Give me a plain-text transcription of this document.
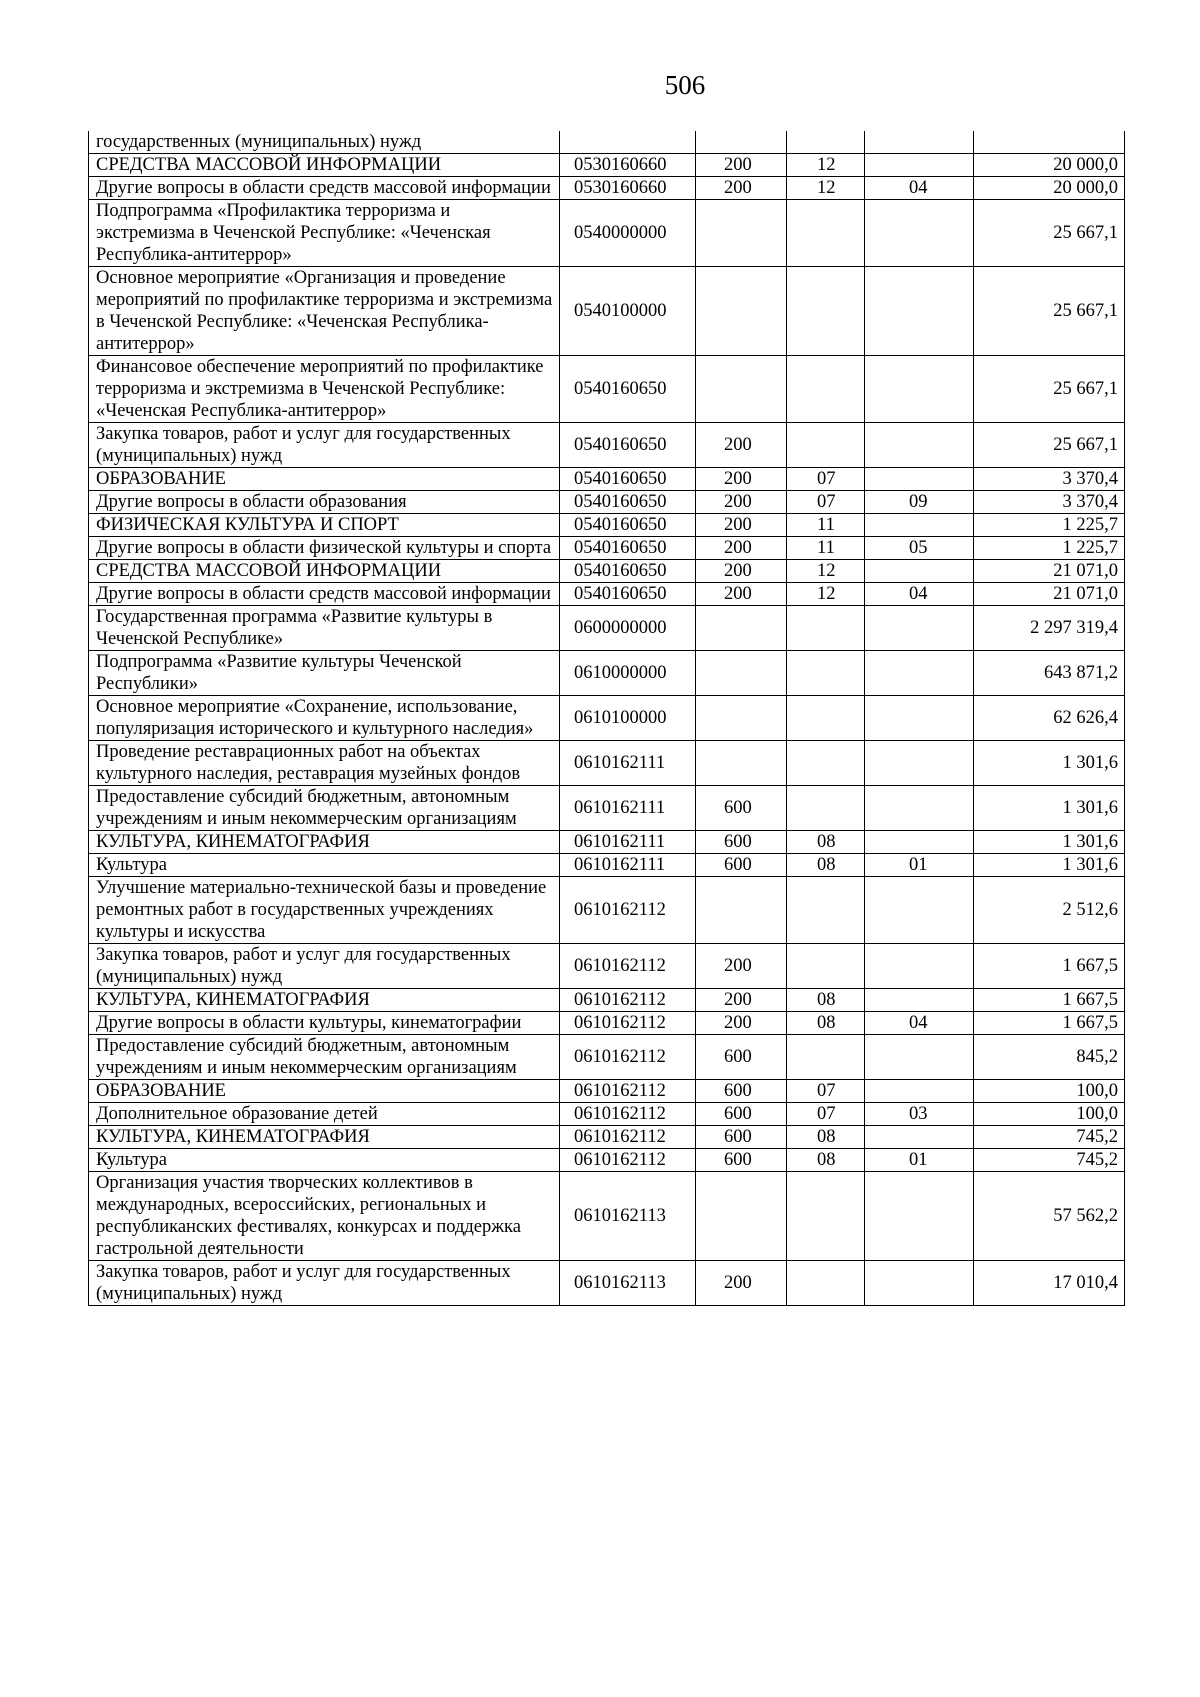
506
государственных (муниципальных) нужд					
СРЕДСТВА МАССОВОЙ ИНФОРМАЦИИ	0530160660	200	12		20 000,0
Другие вопросы в области средств массовой информации	0530160660	200	12	04	20 000,0
Подпрограмма «Профилактика терроризма и экстремизма в Чеченской Республике: «Чеченская Республика-антитеррор»	0540000000				25 667,1
Основное мероприятие «Организация и проведение мероприятий по профилактике терроризма и экстремизма в Чеченской Республике: «Чеченская Республика-антитеррор»	0540100000				25 667,1
Финансовое обеспечение мероприятий по профилактике терроризма и экстремизма в Чеченской Республике: «Чеченская Республика-антитеррор»	0540160650				25 667,1
Закупка товаров, работ и услуг для государственных (муниципальных) нужд	0540160650	200			25 667,1
ОБРАЗОВАНИЕ	0540160650	200	07		3 370,4
Другие вопросы в области образования	0540160650	200	07	09	3 370,4
ФИЗИЧЕСКАЯ КУЛЬТУРА И СПОРТ	0540160650	200	11		1 225,7
Другие вопросы в области физической культуры и спорта	0540160650	200	11	05	1 225,7
СРЕДСТВА МАССОВОЙ ИНФОРМАЦИИ	0540160650	200	12		21 071,0
Другие вопросы в области средств массовой информации	0540160650	200	12	04	21 071,0
Государственная программа «Развитие культуры в Чеченской Республике»	0600000000				2 297 319,4
Подпрограмма «Развитие культуры Чеченской Республики»	0610000000				643 871,2
Основное мероприятие «Сохранение, использование, популяризация исторического и культурного наследия»	0610100000				62 626,4
Проведение реставрационных работ на объектах культурного наследия, реставрация музейных фондов	0610162111				1 301,6
Предоставление субсидий бюджетным, автономным учреждениям и иным некоммерческим организациям	0610162111	600			1 301,6
КУЛЬТУРА, КИНЕМАТОГРАФИЯ	0610162111	600	08		1 301,6
Культура	0610162111	600	08	01	1 301,6
Улучшение материально-технической базы и проведение ремонтных работ в государственных учреждениях культуры и искусства	0610162112				2 512,6
Закупка товаров, работ и услуг для государственных (муниципальных) нужд	0610162112	200			1 667,5
КУЛЬТУРА, КИНЕМАТОГРАФИЯ	0610162112	200	08		1 667,5
Другие вопросы в области культуры, кинематографии	0610162112	200	08	04	1 667,5
Предоставление субсидий бюджетным, автономным учреждениям и иным некоммерческим организациям	0610162112	600			845,2
ОБРАЗОВАНИЕ	0610162112	600	07		100,0
Дополнительное образование детей	0610162112	600	07	03	100,0
КУЛЬТУРА, КИНЕМАТОГРАФИЯ	0610162112	600	08		745,2
Культура	0610162112	600	08	01	745,2
Организация участия творческих коллективов в международных, всероссийских, региональных и республиканских фестивалях, конкурсах и поддержка гастрольной деятельности	0610162113				57 562,2
Закупка товаров, работ и услуг для государственных (муниципальных) нужд	0610162113	200			17 010,4
